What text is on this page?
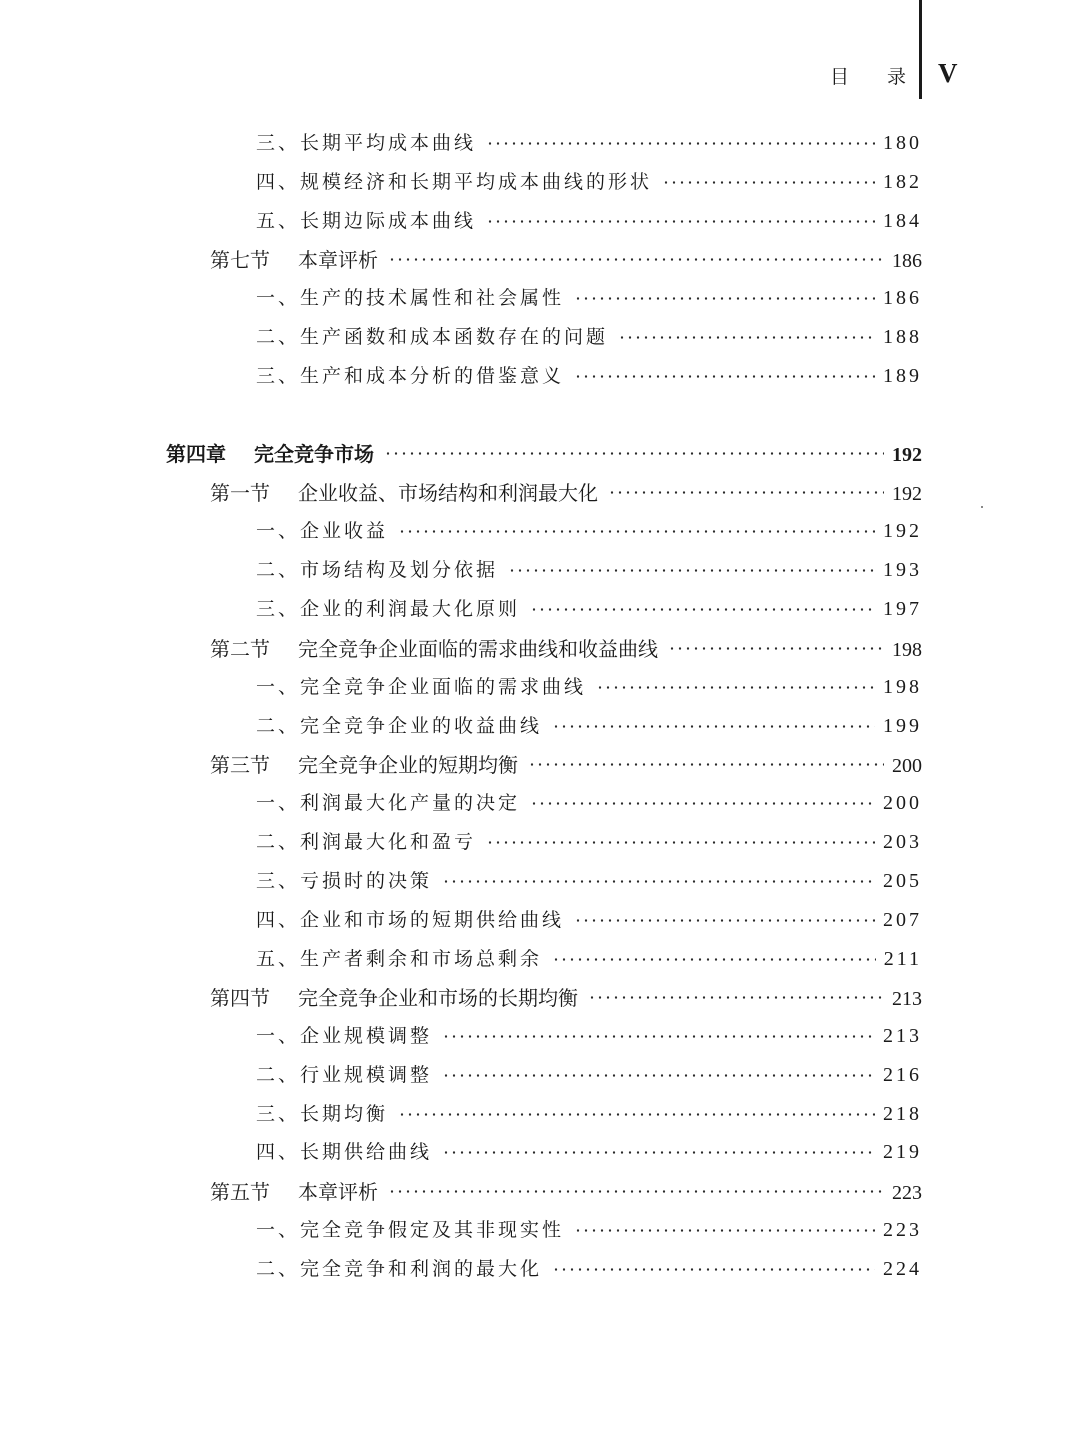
目 录 V
三、长期平均成本曲线	180
四、规模经济和长期平均成本曲线的形状	182
五、长期边际成本曲线	184
第七节 本章评析	186
一、生产的技术属性和社会属性	186
二、生产函数和成本函数存在的问题	188
三、生产和成本分析的借鉴意义	189
第四章 完全竞争市场	192
第一节 企业收益、市场结构和利润最大化	192
一、企业收益	192
二、市场结构及划分依据	193
三、企业的利润最大化原则	197
第二节 完全竞争企业面临的需求曲线和收益曲线	198
一、完全竞争企业面临的需求曲线	198
二、完全竞争企业的收益曲线	199
第三节 完全竞争企业的短期均衡	200
一、利润最大化产量的决定	200
二、利润最大化和盈亏	203
三、亏损时的决策	205
四、企业和市场的短期供给曲线	207
五、生产者剩余和市场总剩余	211
第四节 完全竞争企业和市场的长期均衡	213
一、企业规模调整	213
二、行业规模调整	216
三、长期均衡	218
四、长期供给曲线	219
第五节 本章评析	223
一、完全竞争假定及其非现实性	223
二、完全竞争和利润的最大化	224
